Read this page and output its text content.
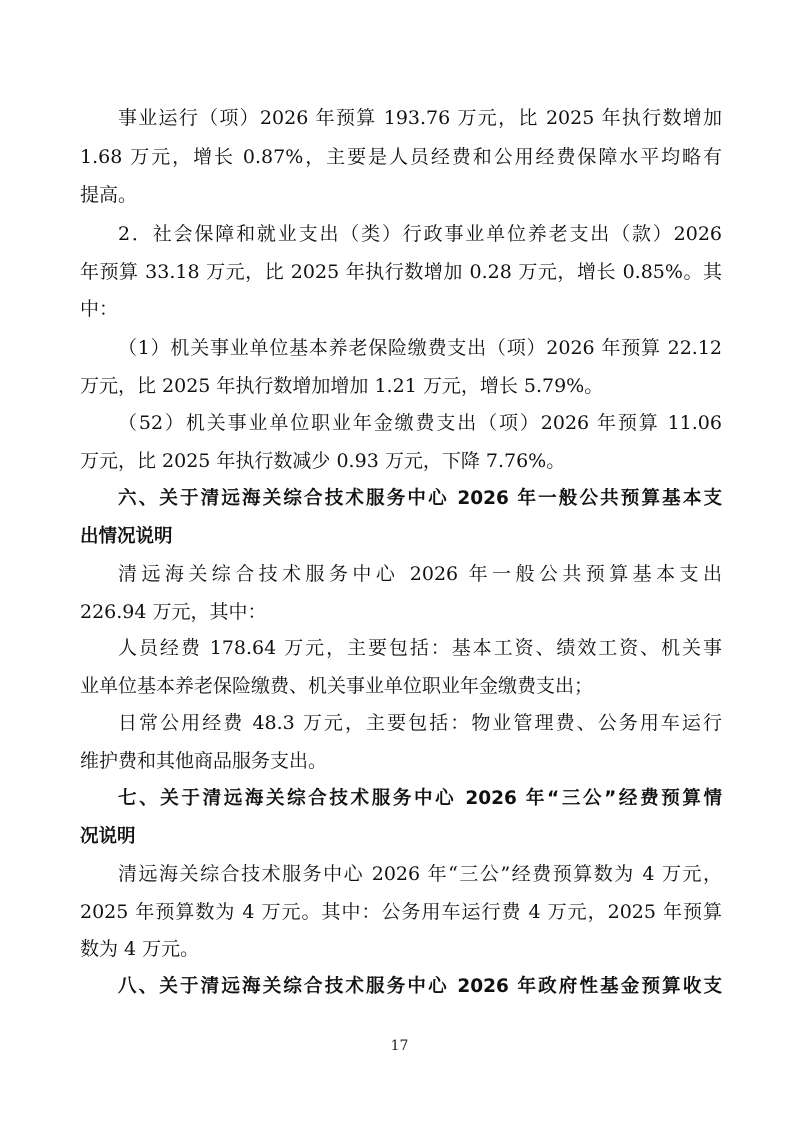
事业运行（项）2026 年预算 193.76 万元，比 2025 年执行数增加
1.68 万元，增长 0.87%，主要是人员经费和公用经费保障水平均略有
提高。
2．社会保障和就业支出（类）行政事业单位养老支出（款）2026
年预算 33.18 万元，比 2025 年执行数增加 0.28 万元，增长 0.85%。其
中：
（1）机关事业单位基本养老保险缴费支出（项）2026 年预算 22.12
万元，比 2025 年执行数增加增加 1.21 万元，增长 5.79%。
（52）机关事业单位职业年金缴费支出（项）2026 年预算 11.06
万元，比 2025 年执行数减少 0.93 万元，下降 7.76%。
六、关于清远海关综合技术服务中心 2026 年一般公共预算基本支
出情况说明
清远海关综合技术服务中心 2026 年一般公共预算基本支出
226.94 万元，其中：
人员经费 178.64 万元，主要包括：基本工资、绩效工资、机关事
业单位基本养老保险缴费、机关事业单位职业年金缴费支出；
日常公用经费 48.3 万元，主要包括：物业管理费、公务用车运行
维护费和其他商品服务支出。
七、关于清远海关综合技术服务中心 2026 年“三公”经费预算情
况说明
清远海关综合技术服务中心 2026 年“三公”经费预算数为 4 万元，
2025 年预算数为 4 万元。其中：公务用车运行费 4 万元，2025 年预算
数为 4 万元。
八、关于清远海关综合技术服务中心 2026 年政府性基金预算收支
17
